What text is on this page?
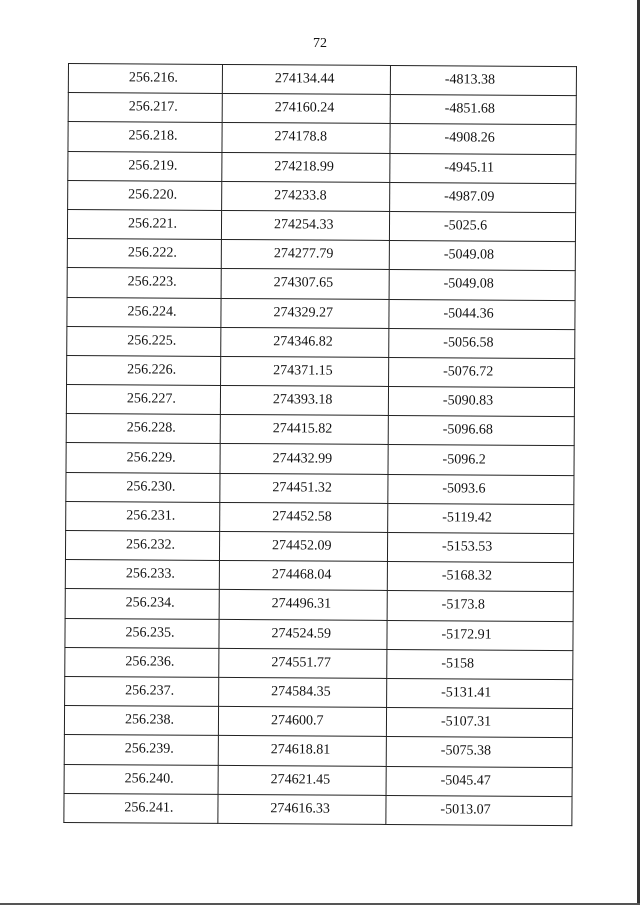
72
256.216.	274134.44	-4813.38
256.217.	274160.24	-4851.68
256.218.	274178.8	-4908.26
256.219.	274218.99	-4945.11
256.220.	274233.8	-4987.09
256.221.	274254.33	-5025.6
256.222.	274277.79	-5049.08
256.223.	274307.65	-5049.08
256.224.	274329.27	-5044.36
256.225.	274346.82	-5056.58
256.226.	274371.15	-5076.72
256.227.	274393.18	-5090.83
256.228.	274415.82	-5096.68
256.229.	274432.99	-5096.2
256.230.	274451.32	-5093.6
256.231.	274452.58	-5119.42
256.232.	274452.09	-5153.53
256.233.	274468.04	-5168.32
256.234.	274496.31	-5173.8
256.235.	274524.59	-5172.91
256.236.	274551.77	-5158
256.237.	274584.35	-5131.41
256.238.	274600.7	-5107.31
256.239.	274618.81	-5075.38
256.240.	274621.45	-5045.47
256.241.	274616.33	-5013.07
